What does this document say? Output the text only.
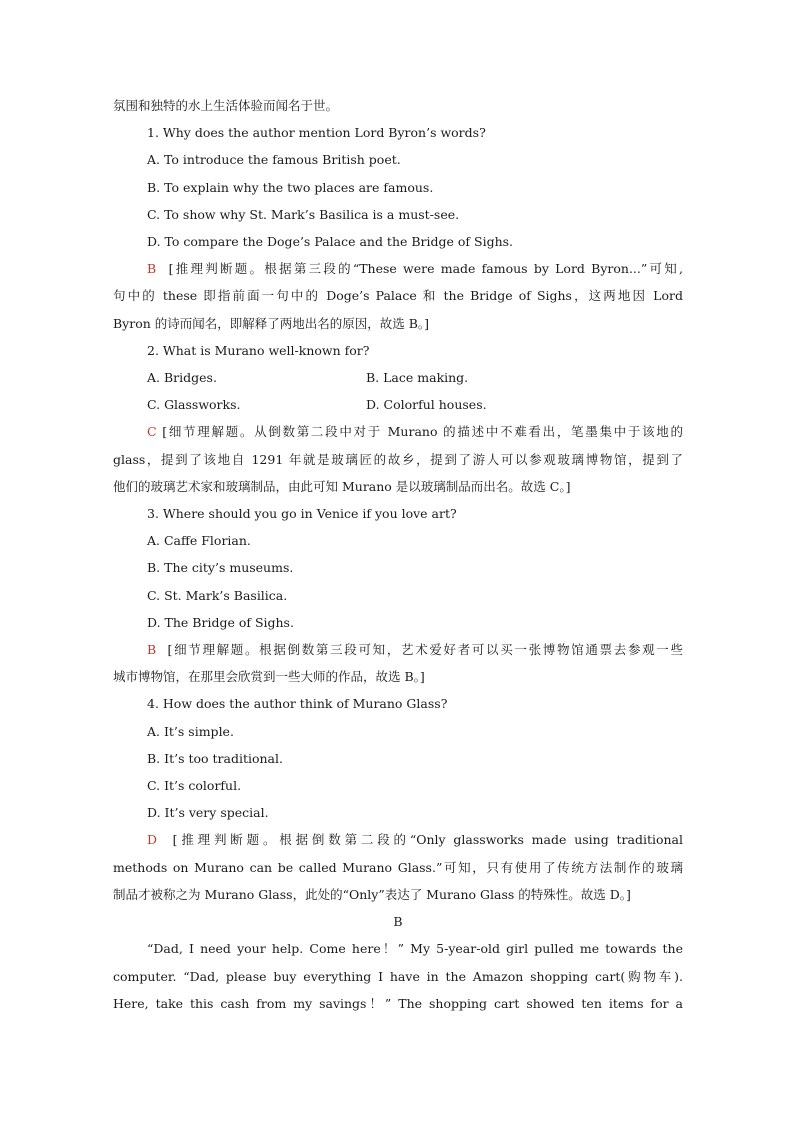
氛围和独特的水上生活体验而闻名于世。
1. Why does the author mention Lord Byron’s words?
A. To introduce the famous British poet.
B. To explain why the two places are famous.
C. To show why St. Mark’s Basilica is a must-see.
D. To compare the Doge’s Palace and the Bridge of Sighs.
B [推理判断题。根据第三段的“These were made famous by Lord Byron...”可知,
句中的 these 即指前面一句中的 Doge’s Palace 和 the Bridge of Sighs，这两地因 Lord
Byron 的诗而闻名，即解释了两地出名的原因，故选 B。]
2. What is Murano well-known for?
A. Bridges.	B. Lace making.
C. Glassworks.	D. Colorful houses.
C [细节理解题。从倒数第二段中对于 Murano 的描述中不难看出，笔墨集中于该地的
glass，提到了该地自 1291 年就是玻璃匠的故乡，提到了游人可以参观玻璃博物馆，提到了
他们的玻璃艺术家和玻璃制品，由此可知 Murano 是以玻璃制品而出名。故选 C。]
3. Where should you go in Venice if you love art?
A. Caffe Florian.
B. The city’s museums.
C. St. Mark’s Basilica.
D. The Bridge of Sighs.
B [细节理解题。根据倒数第三段可知，艺术爱好者可以买一张博物馆通票去参观一些
城市博物馆，在那里会欣赏到一些大师的作品，故选 B。]
4. How does the author think of Murano Glass?
A. It’s simple.
B. It’s too traditional.
C. It’s colorful.
D. It’s very special.
D [推理判断题。根据倒数第二段的“Only glassworks made using traditional
methods on Murano can be called Murano Glass.”可知，只有使用了传统方法制作的玻璃
制品才被称之为 Murano Glass，此处的“Only”表达了 Murano Glass 的特殊性。故选 D。]
B
“Dad, I need your help. Come here！” My 5-year-old girl pulled me towards the
computer. “Dad, please buy everything I have in the Amazon shopping cart(购物车).
Here, take this cash from my savings！” The shopping cart showed ten items for a
